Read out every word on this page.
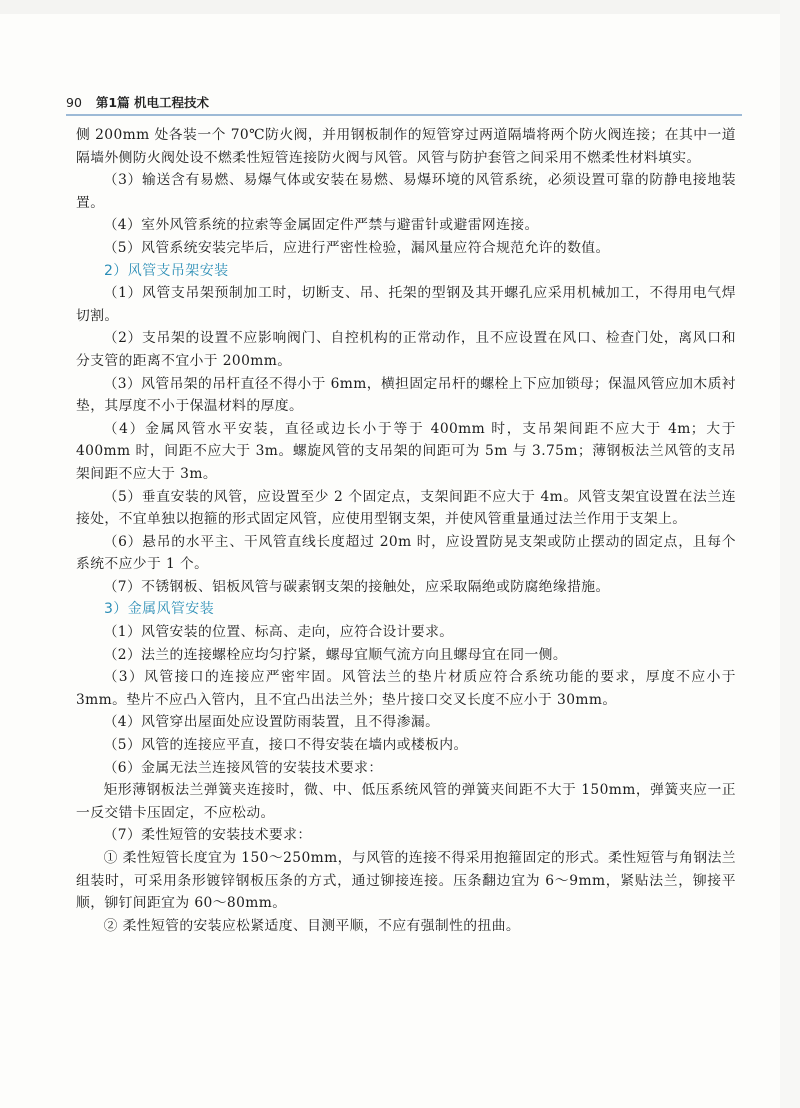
90 第1篇 机电工程技术

侧 200mm 处各装一个 70℃防火阀，并用钢板制作的短管穿过两道隔墙将两个防火阀连接；在其中一道隔墙外侧防火阀处设不燃柔性短管连接防火阀与风管。风管与防护套管之间采用不燃柔性材料填实。

（3）输送含有易燃、易爆气体或安装在易燃、易爆环境的风管系统，必须设置可靠的防静电接地装置。

（4）室外风管系统的拉索等金属固定件严禁与避雷针或避雷网连接。

（5）风管系统安装完毕后，应进行严密性检验，漏风量应符合规范允许的数值。

2）风管支吊架安装

（1）风管支吊架预制加工时，切断支、吊、托架的型钢及其开螺孔应采用机械加工，不得用电气焊切割。

（2）支吊架的设置不应影响阀门、自控机构的正常动作，且不应设置在风口、检查门处，离风口和分支管的距离不宜小于 200mm。

（3）风管吊架的吊杆直径不得小于 6mm，横担固定吊杆的螺栓上下应加锁母；保温风管应加木质衬垫，其厚度不小于保温材料的厚度。

（4）金属风管水平安装，直径或边长小于等于 400mm 时，支吊架间距不应大于 4m；大于 400mm 时，间距不应大于 3m。螺旋风管的支吊架的间距可为 5m 与 3.75m；薄钢板法兰风管的支吊架间距不应大于 3m。

（5）垂直安装的风管，应设置至少 2 个固定点，支架间距不应大于 4m。风管支架宜设置在法兰连接处，不宜单独以抱箍的形式固定风管，应使用型钢支架，并使风管重量通过法兰作用于支架上。

（6）悬吊的水平主、干风管直线长度超过 20m 时，应设置防晃支架或防止摆动的固定点，且每个系统不应少于 1 个。

（7）不锈钢板、铝板风管与碳素钢支架的接触处，应采取隔绝或防腐绝缘措施。

3）金属风管安装

（1）风管安装的位置、标高、走向，应符合设计要求。

（2）法兰的连接螺栓应均匀拧紧，螺母宜顺气流方向且螺母宜在同一侧。

（3）风管接口的连接应严密牢固。风管法兰的垫片材质应符合系统功能的要求，厚度不应小于 3mm。垫片不应凸入管内，且不宜凸出法兰外；垫片接口交叉长度不应小于 30mm。

（4）风管穿出屋面处应设置防雨装置，且不得渗漏。

（5）风管的连接应平直，接口不得安装在墙内或楼板内。

（6）金属无法兰连接风管的安装技术要求：

矩形薄钢板法兰弹簧夹连接时，微、中、低压系统风管的弹簧夹间距不大于 150mm，弹簧夹应一正一反交错卡压固定，不应松动。

（7）柔性短管的安装技术要求：

① 柔性短管长度宜为 150～250mm，与风管的连接不得采用抱箍固定的形式。柔性短管与角钢法兰组装时，可采用条形镀锌钢板压条的方式，通过铆接连接。压条翻边宜为 6～9mm，紧贴法兰，铆接平顺，铆钉间距宜为 60～80mm。

② 柔性短管的安装应松紧适度、目测平顺，不应有强制性的扭曲。
